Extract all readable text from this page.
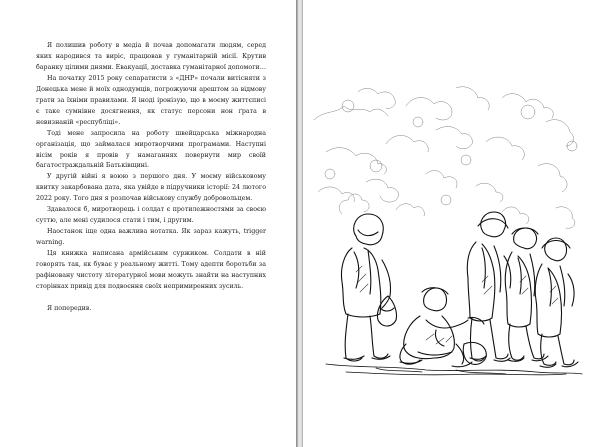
Я полишив роботу в медіа й почав допомагати людям, серед яких народився та виріс, працював у гуманітарній місії. Крутив баранку цілими днями. Евакуації, доставка гуманітарної допомоги…

На початку 2015 року сепаратисти з «ДНР» почали витісняти з Донецька мене й моїх однодумців, погрожуючи арештом за відмову грати за їхніми правилами. Я іноді іронізую, що в моєму життєписі є таке сумнівне досягнення, як статус персони нон ґрата в невизнаній «республіці».

Тоді мене запросила на роботу швейцарська міжнародна організація, що займалася миротворчими програмами. Наступні вісім років я провів у намаганнях повернути мир своїй багатостраждальній Батьківщині.

У другій війні я воюю з першого дня. У моєму військовому квитку закарбована дата, яка увійде в підручники історії: 24 лютого 2022 року. Того дня я розпочав військову службу добровольцем.

Здавалося б, миротворець і солдат є протилежностями за своєю суттю, але мені судилося стати і тим, і другим.

Наостанок іще одна важлива нотатка. Як зараз кажуть, trigger warning.

Ця книжка написана армійським суржиком. Солдати в ній говорять так, як буває у реальному житті. Тому адепти боротьби за рафіновану чистоту літературної мови можуть знайти на наступних сторінках привід для подвоєння своїх непримиренних зусиль.

Я попередив.
